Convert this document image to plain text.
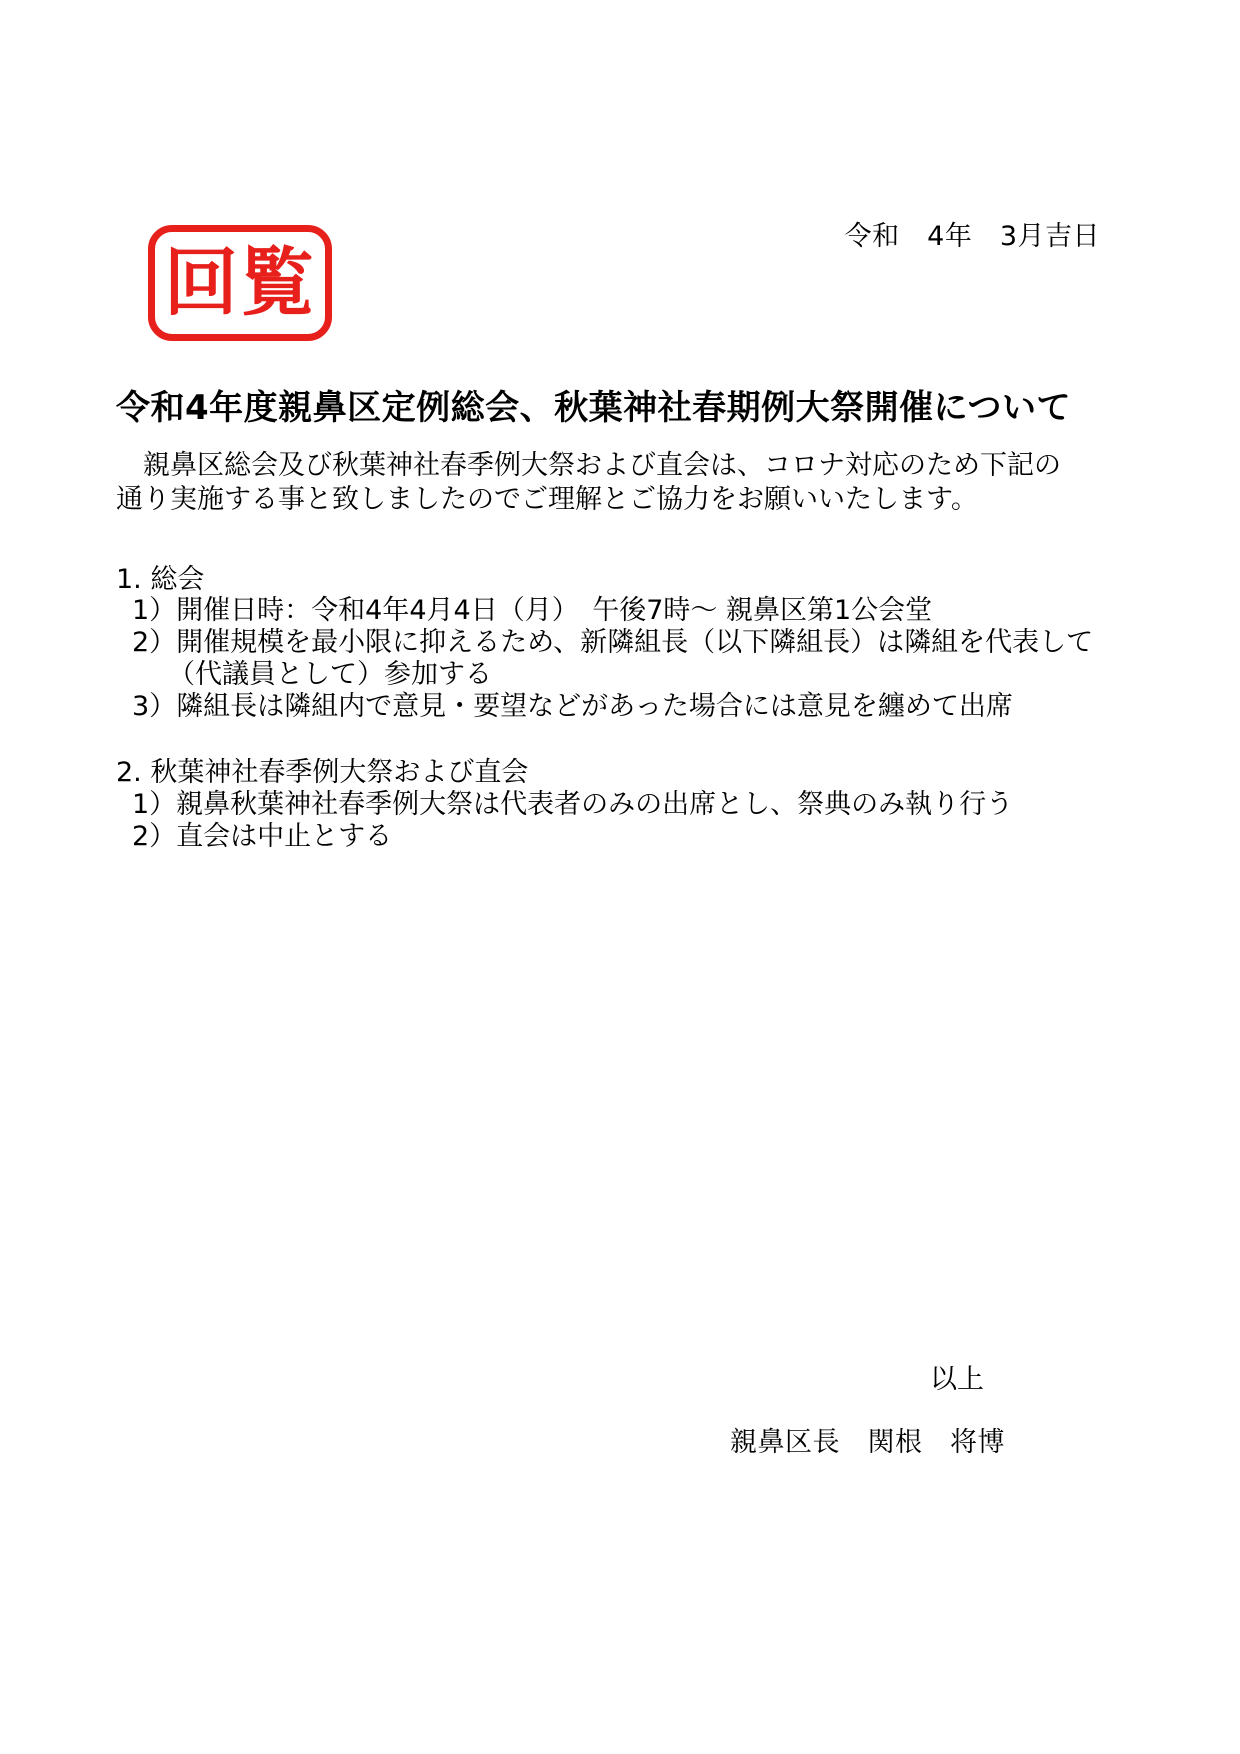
令和　4年　3月吉日
回覧
令和4年度親鼻区定例総会、秋葉神社春期例大祭開催について
　親鼻区総会及び秋葉神社春季例大祭および直会は、コロナ対応のため下記の
通り実施する事と致しましたのでご理解とご協力をお願いいたします。
1. 総会
1）開催日時：令和4年4月4日（月）　午後7時～ 親鼻区第1公会堂
2）開催規模を最小限に抑えるため、新隣組長（以下隣組長）は隣組を代表して
（代議員として）参加する
3）隣組長は隣組内で意見・要望などがあった場合には意見を纏めて出席
2. 秋葉神社春季例大祭および直会
1）親鼻秋葉神社春季例大祭は代表者のみの出席とし、祭典のみ執り行う
2）直会は中止とする
以上
親鼻区長　関根　将博
